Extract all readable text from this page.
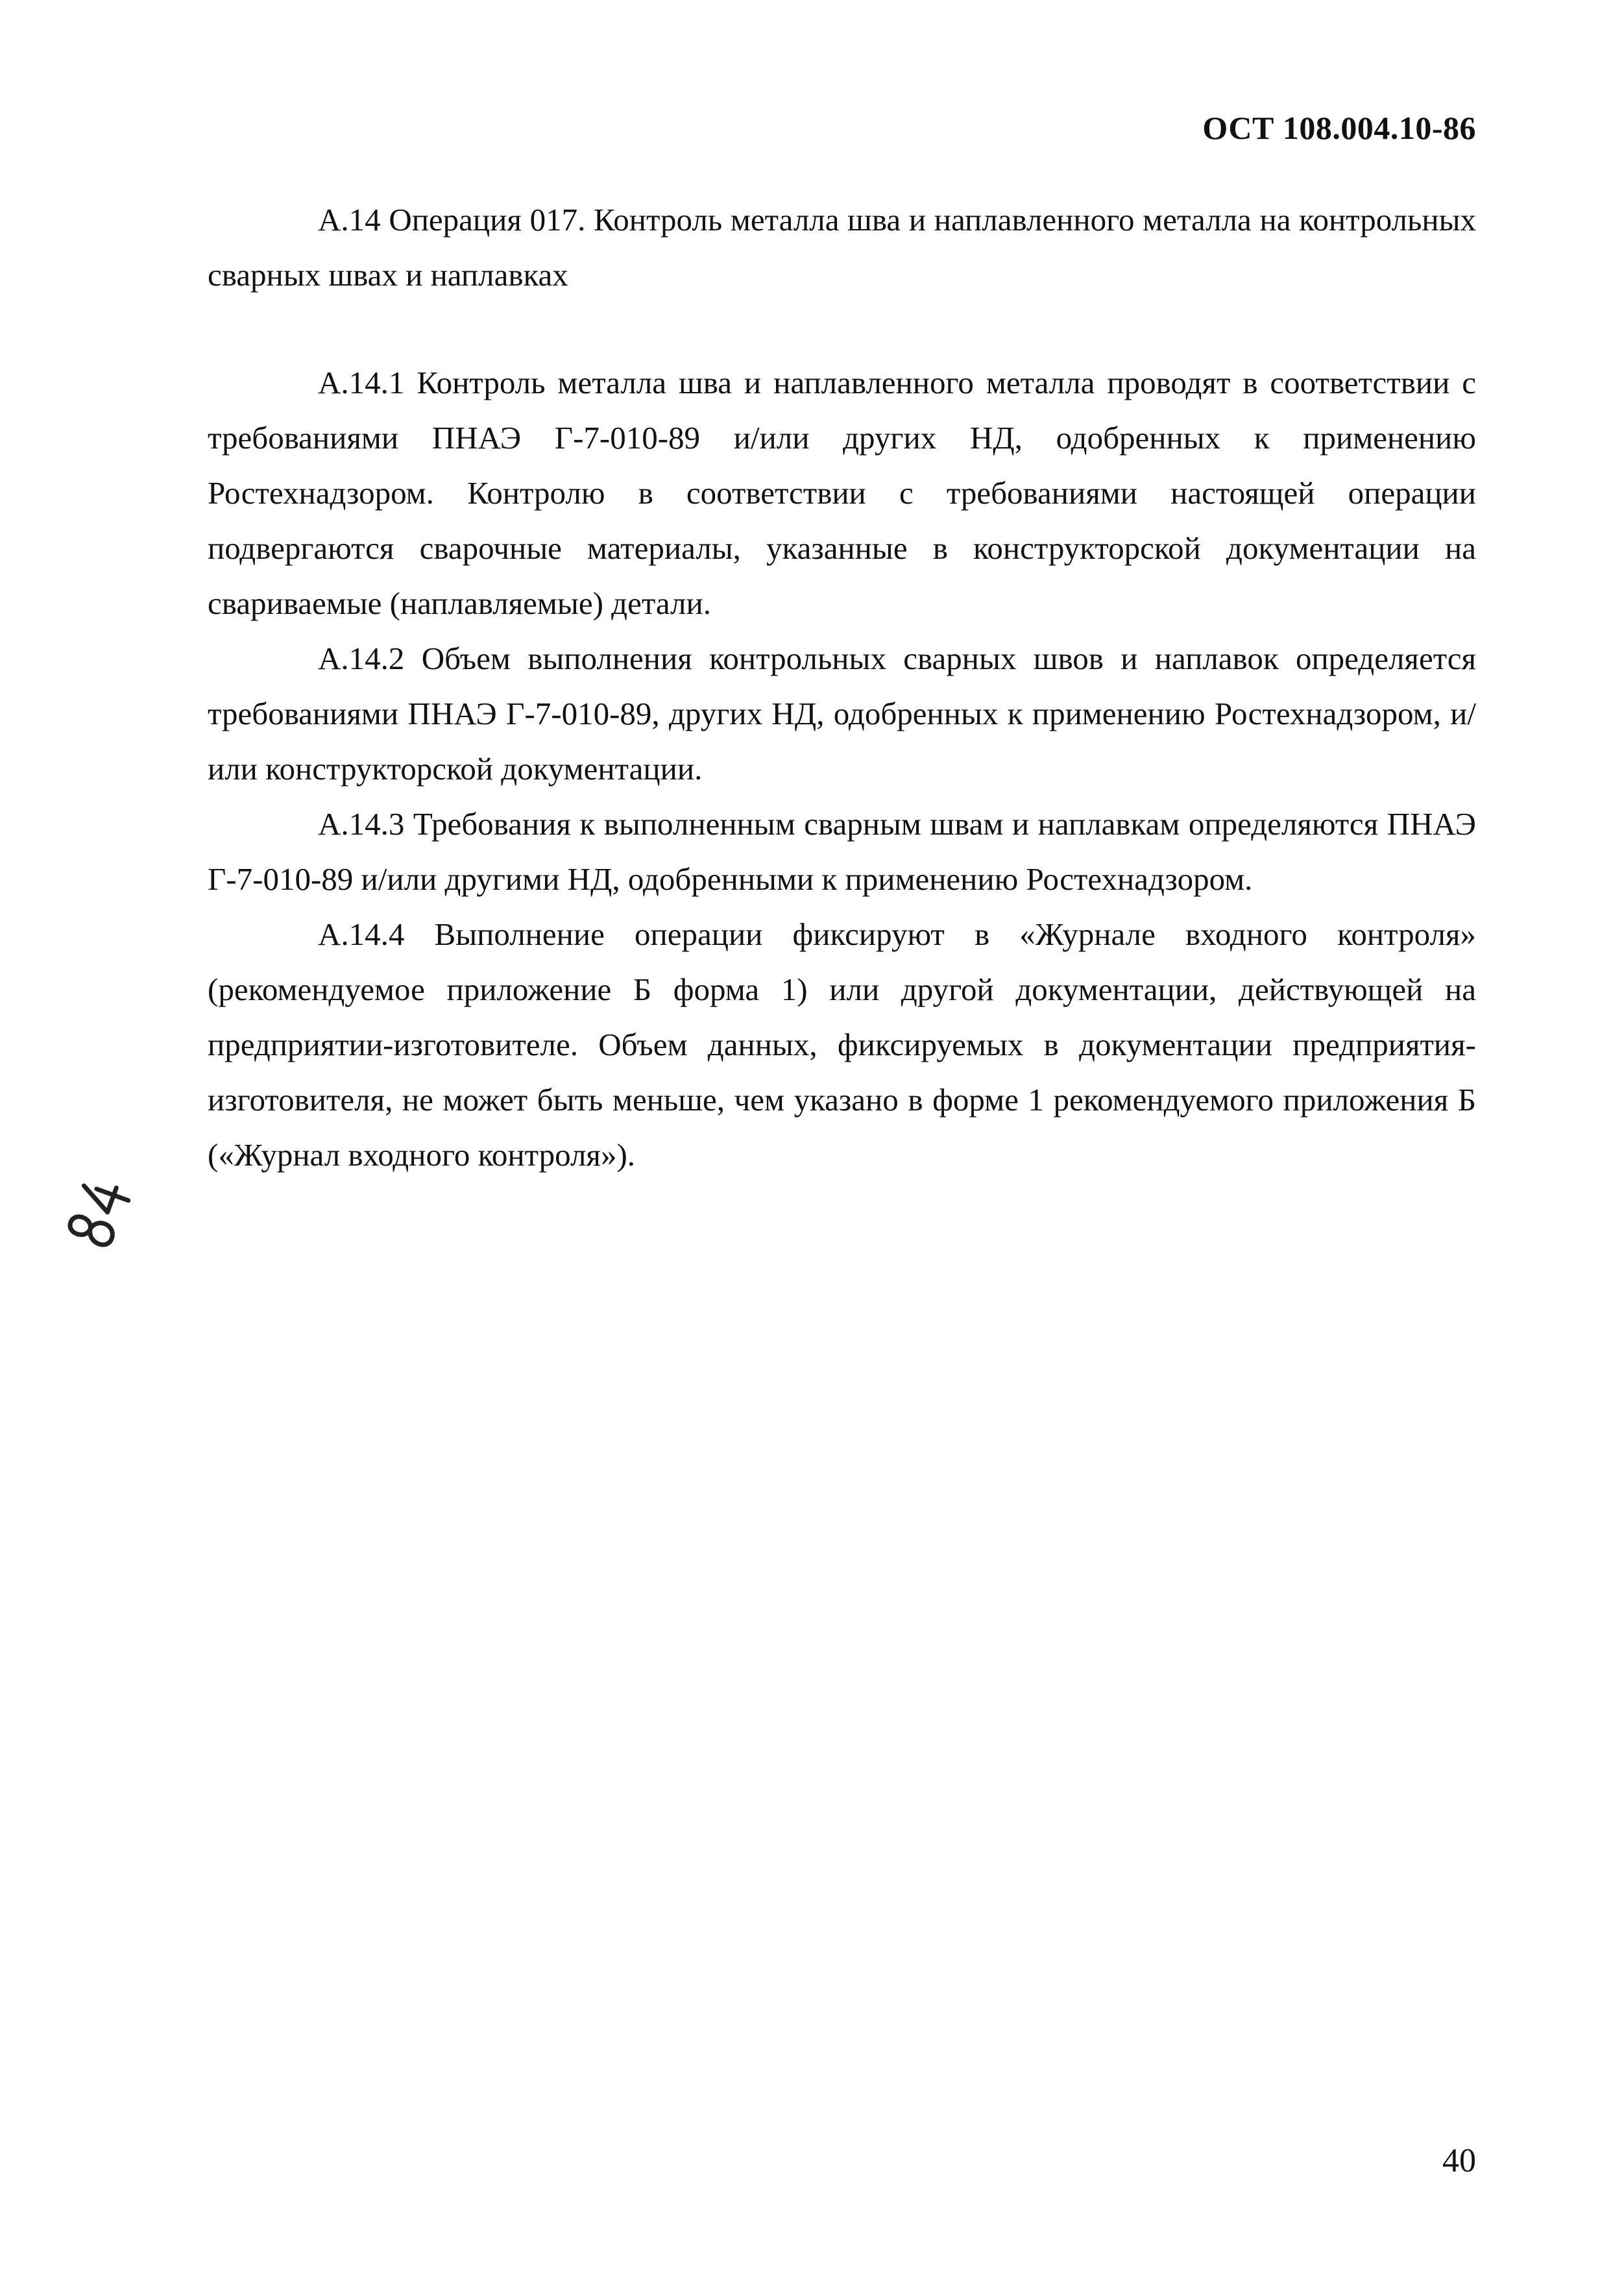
ОСТ 108.004.10-86

А.14 Операция 017. Контроль металла шва и наплавленного металла на контрольных сварных швах и наплавках

А.14.1 Контроль металла шва и наплавленного металла проводят в соответствии с требованиями ПНАЭ Г-7-010-89 и/или других НД, одобренных к применению Ростехнадзором. Контролю в соответствии с требованиями настоящей операции подвергаются сварочные материалы, указанные в конструкторской документации на свариваемые (наплавляемые) детали.

А.14.2 Объем выполнения контрольных сварных швов и наплавок определяется требованиями ПНАЭ Г-7-010-89, других НД, одобренных к применению Ростехнадзором, и/или конструкторской документации.

А.14.3 Требования к выполненным сварным швам и наплавкам определяются ПНАЭ Г-7-010-89 и/или другими НД, одобренными к применению Ростехнадзором.

А.14.4 Выполнение операции фиксируют в «Журнале входного контроля» (рекомендуемое приложение Б форма 1) или другой документации, действующей на предприятии-изготовителе. Объем данных, фиксируемых в документации предприятия-изготовителя, не может быть меньше, чем указано в форме 1 рекомендуемого приложения Б («Журнал входного контроля»).

40
